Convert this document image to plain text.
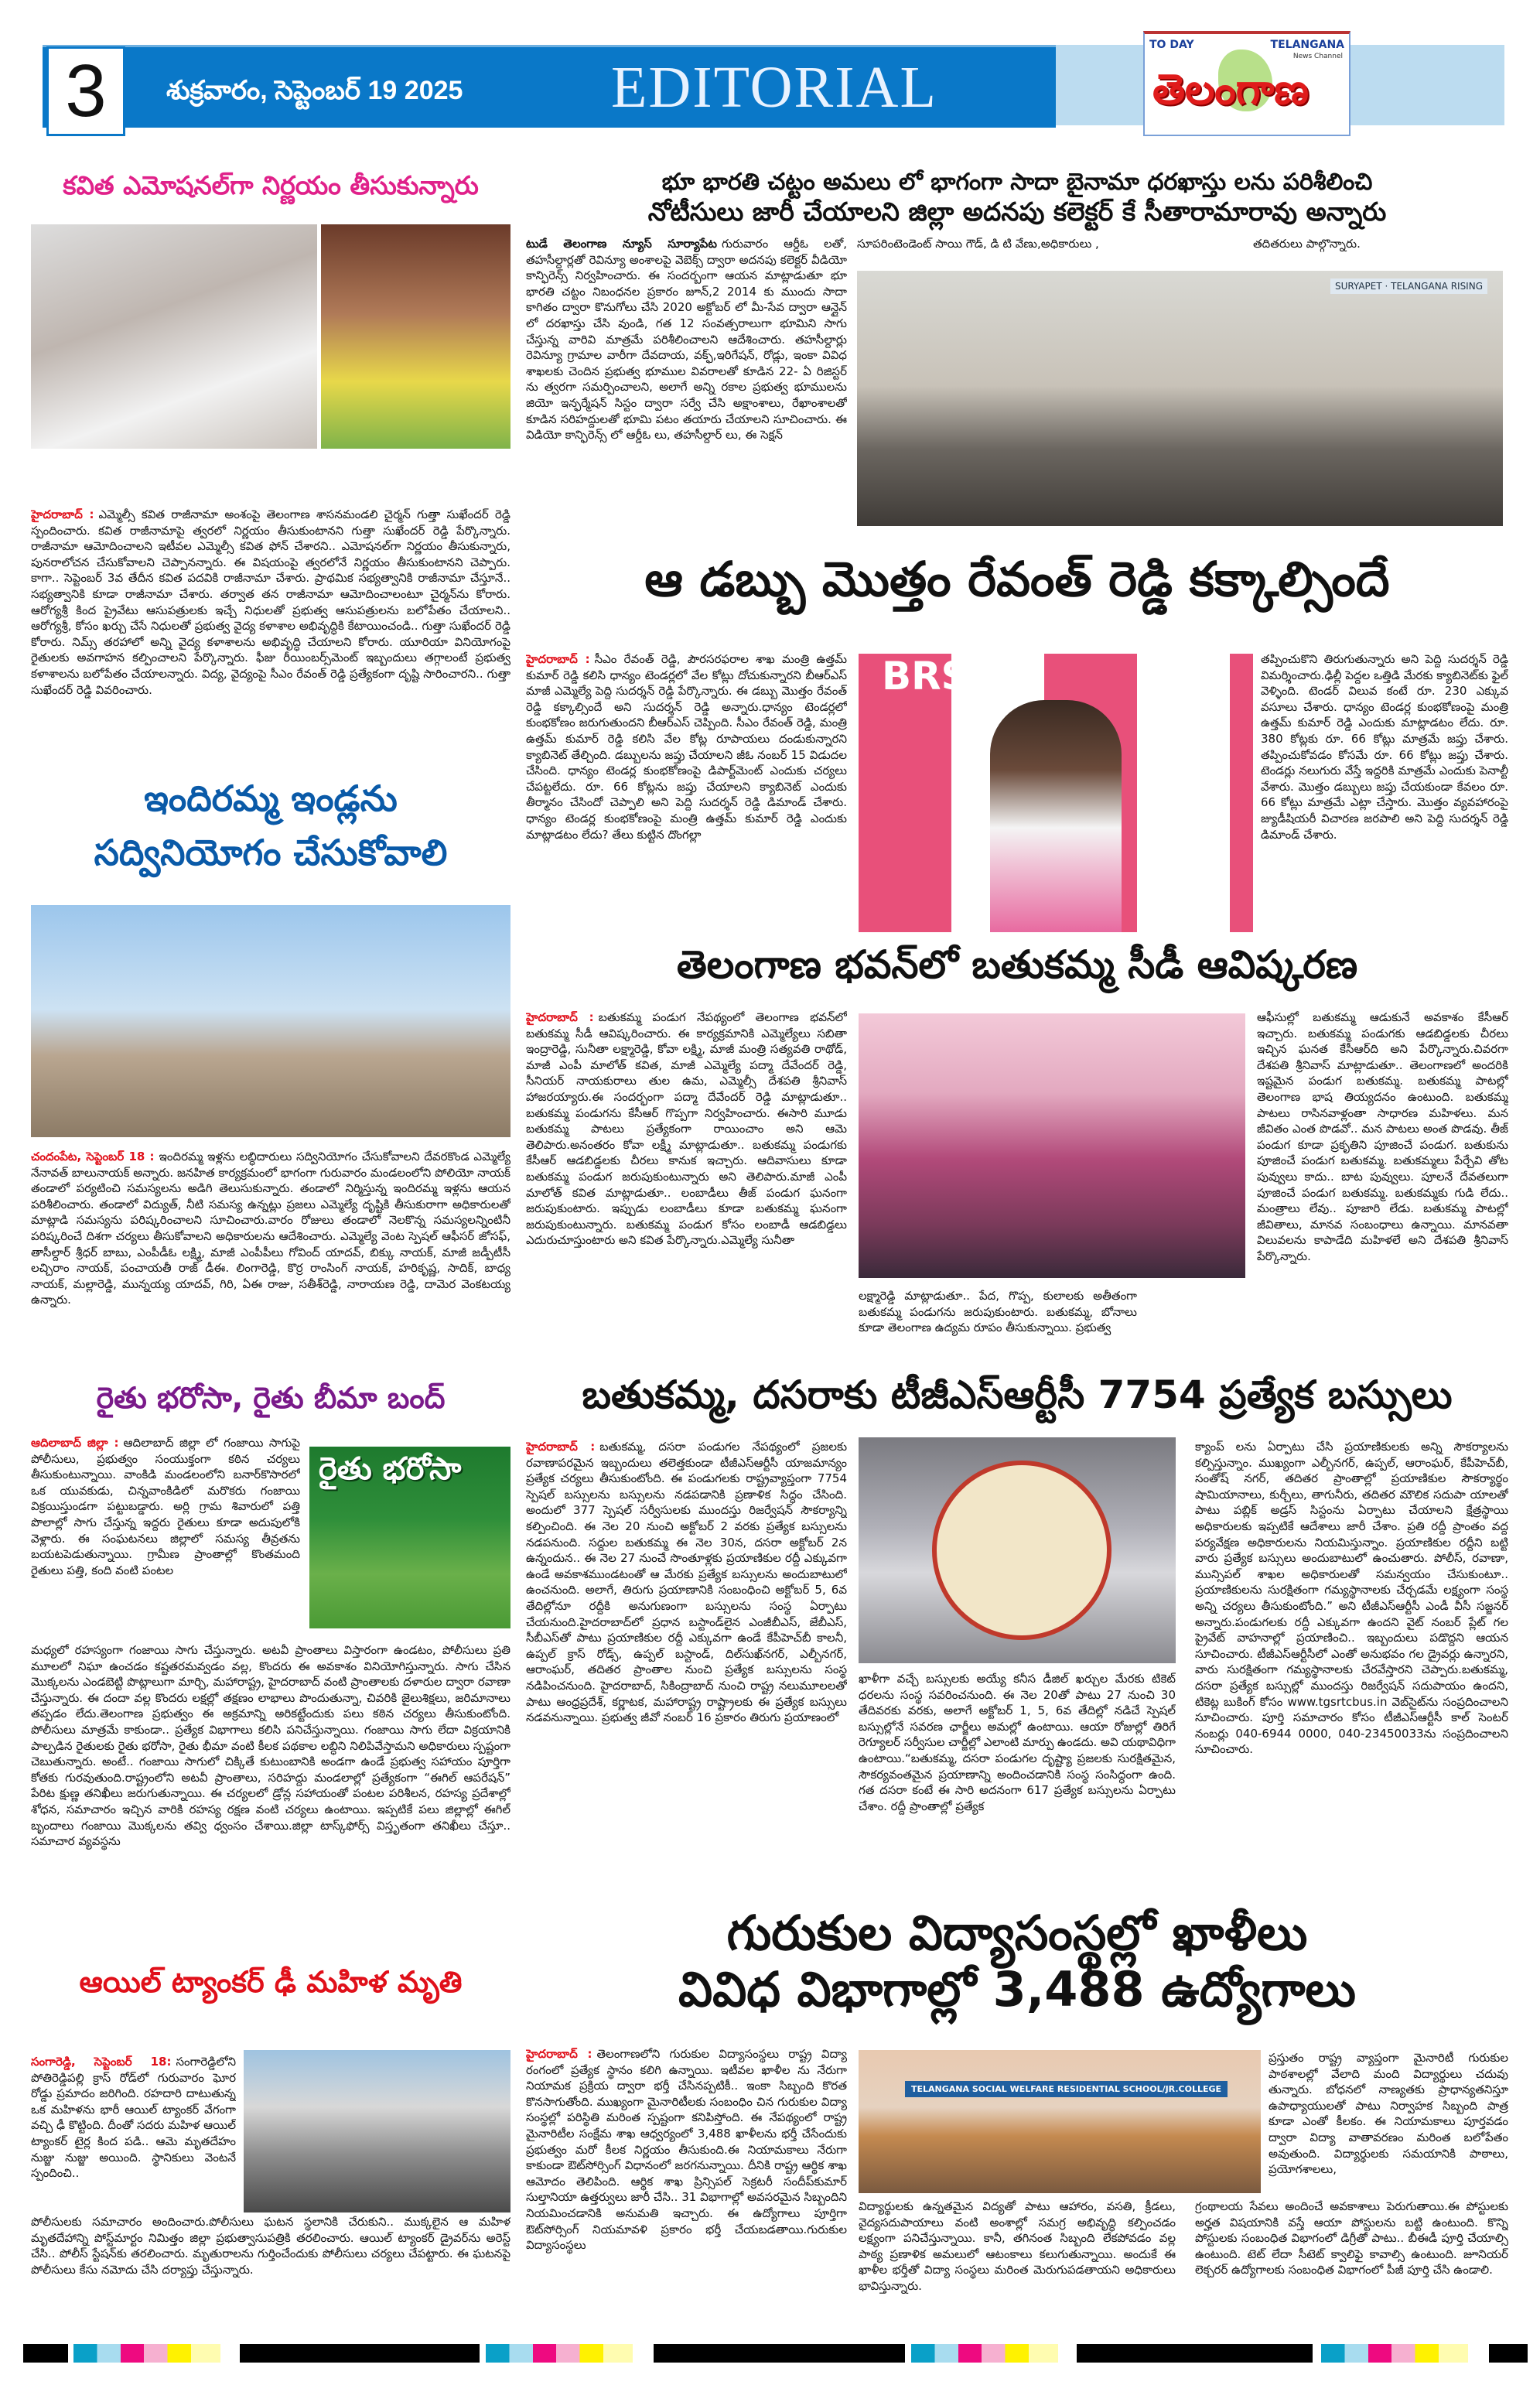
3	శుక్రవారం, సెప్టెంబర్ 19 2025	EDITORIAL
TO DAY	TELANGANA
News Channel
తెలంగాణ
కవిత ఎమోషనల్‌గా నిర్ణయం తీసుకున్నారు
హైదరాబాద్ : ఎమ్మెల్సీ కవిత రాజీనామా అంశంపై తెలంగాణ శాసనమండలి చైర్మన్ గుత్తా సుఖేందర్ రెడ్డి స్పందించారు. కవిత రాజీనామాపై త్వరలో నిర్ణయం తీసుకుంటానని గుత్తా సుఖేందర్ రెడ్డి పేర్కొన్నారు. రాజీనామా ఆమోదించాలని ఇటీవల ఎమ్మెల్సీ కవిత ఫోన్ చేశారని.. ఎమోషనల్‌గా నిర్ణయం తీసుకున్నారు, పునరాలోచన చేసుకోవాలని చెప్పానన్నారు. ఈ విషయంపై త్వరలోనే నిర్ణయం తీసుకుంటానని చెప్పారు. కాగా.. సెప్టెంబర్ 3వ తేదీన కవిత పదవికి రాజీనామా చేశారు. ప్రాథమిక సభ్యత్వానికి రాజీనామా చేస్తూనే.. సభ్యత్వానికి కూడా రాజీనామా చేశారు. తర్వాత తన రాజీనామా ఆమోదించాలంటూ చైర్మన్‌ను కోరారు. ఆరోగ్యశ్రీ కింద ప్రైవేటు ఆసుపత్రులకు ఇచ్చే నిధులతో ప్రభుత్వ ఆసుపత్రులను బలోపేతం చేయాలని.. ఆరోగ్యశ్రీ, కోసం ఖర్చు చేసే నిధులతో ప్రభుత్వ వైద్య కళాశాల అభివృద్ధికి కేటాయించండి.. గుత్తా సుఖేందర్ రెడ్డి కోరారు. నిమ్స్ తరహాలో అన్ని వైద్య కళాశాలను అభివృద్ధి చేయాలని కోరారు. యూరియా వినియోగంపై రైతులకు అవగాహన కల్పించాలని పేర్కొన్నారు. ఫీజు రీయింబర్స్‌మెంట్ ఇబ్బందులు తగ్గాలంటే ప్రభుత్వ కళాశాలను బలోపేతం చేయాలన్నారు. విద్య, వైద్యంపై సీఎం రేవంత్ రెడ్డి ప్రత్యేకంగా దృష్టి సారించారని.. గుత్తా సుఖేందర్ రెడ్డి వివరించారు.
ఇందిరమ్మ ఇండ్లను
సద్వినియోగం చేసుకోవాలి
చందంపేట, సెప్టెంబర్ 18 : ఇందిరమ్మ ఇళ్లను లబ్ధిదారులు సద్వినియోగం చేసుకోవాలని దేవరకొండ ఎమ్మెల్యే నేనావత్ బాలునాయక్ అన్నారు. జనహిత కార్యక్రమంలో భాగంగా గురువారం మండలంలోని పోలియో నాయక్ తండాలో పర్యటించి సమస్యలను అడిగి తెలుసుకున్నారు. తండాలో నిర్మిస్తున్న ఇందిరమ్మ ఇళ్లను ఆయన పరిశీలించారు. తండాలో విద్యుత్, నీటి సమస్య ఉన్నట్లు ప్రజలు ఎమ్మెల్యే దృష్టికి తీసుకురాగా అధికారులతో మాట్లాడి సమస్యను పరిష్కరించాలని సూచించారు.వారం రోజులు తండాలో నెలకొన్న సమస్యలన్నింటినీ పరిష్కరించే దిశగా చర్యలు తీసుకోవాలని అధికారులను ఆదేశించారు. ఎమ్మెల్యే వెంట స్పెషల్ ఆఫీసర్ జోసఫ్, తాసీల్దార్ శ్రీధర్ బాబు, ఎంపీడీఓ లక్ష్మి, మాజీ ఎంపీపీలు గోవింద్ యాదవ్, బిక్కు నాయక్, మాజీ జడ్పీటీసీ లచ్చిరాం నాయక్, పంచాయతీ రాజ్ డీఈ. లింగారెడ్డి, కొర్ర రాంసింగ్ నాయక్, హరికృష్ణ, సాదిక్, బాధ్య నాయక్, మల్లారెడ్డి, మున్నయ్య యాదవ్, గిరి, ఏఈ రాజు, సతీశ్‌రెడ్డి, నారాయణ రెడ్డి, దామెర వెంకటయ్య ఉన్నారు.
రైతు భరోసా, రైతు బీమా బంద్
రైతు భరోసా
ఆదిలాబాద్ జిల్లా : ఆదిలాబాద్ జిల్లా లో గంజాయి సాగుపై పోలీసులు, ప్రభుత్వం సంయుక్తంగా కఠిన చర్యలు తీసుకుంటున్నాయి. వాంకిడి మండలంలోని బనార్‌కొసారలో ఒక యువకుడు, చిన్నవాంకిడిలో మరొకరు గంజాయి విక్రయిస్తుండగా పట్టుబడ్డారు. అర్లి గ్రామ శివారులో పత్తి పొలాల్లో సాగు చేస్తున్న ఇద్దరు రైతులు కూడా అదుపులోకి వెళ్లారు. ఈ సంఘటనలు జిల్లాలో సమస్య తీవ్రతను బయటపెడుతున్నాయి. గ్రామీణ ప్రాంతాల్లో కొంతమంది రైతులు పత్తి, కంది వంటి పంటల
మధ్యలో రహస్యంగా గంజాయి సాగు చేస్తున్నారు. అటవీ ప్రాంతాలు విస్తారంగా ఉండటం, పోలీసులు ప్రతి మూలలో నిఘా ఉంచడం కష్టతరమవ్వడం వల్ల, కొందరు ఈ అవకాశం వినియోగిస్తున్నారు. సాగు చేసిన మొక్కలను ఎండబెట్టి పొట్లాలుగా మార్చి, మహారాష్ట్ర, హైదరాబాద్ వంటి ప్రాంతాలకు దళారుల ద్వారా రవాణా చేస్తున్నారు. ఈ దందా వల్ల కొందరు లక్షల్లో తక్షణం లాభాలు పొందుతున్నా, చివరికి జైలుశిక్షలు, జరిమానాలు తప్పడం లేదు.తెలంగాణ ప్రభుత్వం ఈ అక్రమాన్ని అరికట్టేందుకు పలు కఠిన చర్యలు తీసుకుంటోంది. పోలీసులు మాత్రమే కాకుండా.. ప్రత్యేక విభాగాలు కలిసి పనిచేస్తున్నాయి. గంజాయి సాగు లేదా విక్రయానికి పాల్పడిన రైతులకు రైతు భరోసా, రైతు భీమా వంటి కీలక పథకాల లబ్ధిని నిలిపివేస్తామని అధికారులు స్పష్టంగా చెబుతున్నారు. అంటే.. గంజాయి సాగులో చిక్కితే కుటుంబానికి అండగా ఉండే ప్రభుత్వ సహాయం పూర్తిగా కోతకు గురవుతుంది.రాష్ట్రంలోని అటవీ ప్రాంతాలు, సరిహద్దు మండలాల్లో ప్రత్యేకంగా “ఈగిల్ ఆపరేషన్” పేరిట క్షుణ్ణ తనిఖీలు జరుగుతున్నాయి. ఈ చర్యలలో డ్రోన్ల సహాయంతో పంటల పరిశీలన, రహస్య ప్రదేశాల్లో శోధన, సమాచారం ఇచ్చిన వారికి రహస్య రక్షణ వంటి చర్యలు ఉంటాయి. ఇప్పటికే పలు జిల్లాల్లో ఈగిల్ బృందాలు గంజాయి మొక్కలను తవ్వి ధ్వంసం చేశాయి.జిల్లా టాస్క్‌ఫోర్స్ విస్తృతంగా తనిఖీలు చేస్తూ.. సమాచార వ్యవస్థను
ఆయిల్ ట్యాంకర్ ఢీ మహిళ మృతి
సంగారెడ్డి, సెప్టెంబర్ 18: సంగారెడ్డిలోని పోతిరెడ్డిపల్లి క్రాస్ రోడ్‌లో గురువారం ఘోర రోడ్డు ప్రమాదం జరిగింది. రహదారి దాటుతున్న ఒక మహిళను భారీ ఆయిల్ ట్యాంకర్ వేగంగా వచ్చి ఢీ కొట్టింది. దీంతో సదరు మహిళ ఆయిల్ ట్యాంకర్ టైర్ల కింద పడి.. ఆమె మృతదేహం నుజ్జు నుజ్జు అయింది. స్థానికులు వెంటనే స్పందించి..
పోలీసులకు సమాచారం అందించారు.పోలీసులు ఘటన స్థలానికి చేరుకుని.. ముక్కలైన ఆ మహిళ మృతదేహాన్ని పోస్ట్‌మార్టం నిమిత్తం జిల్లా ప్రభుత్వాసుపత్రికి తరలించారు. ఆయిల్ ట్యాంకర్ డ్రైవర్‌ను అరెస్ట్ చేసి.. పోలీస్ స్టేషన్‌కు తరలించారు. మృతురాలను గుర్తించేందుకు పోలీసులు చర్యలు చేపట్టారు. ఈ ఘటనపై పోలీసులు కేసు నమోదు చేసి దర్యాప్తు చేస్తున్నారు.
భూ భారతి చట్టం అమలు లో భాగంగా సాదా బైనామా ధరఖాస్తు లను పరిశీలించి
నోటీసులు జారీ చేయాలని జిల్లా అదనపు కలెక్టర్ కే సీతారామారావు అన్నారు
టుడే తెలంగాణ న్యూస్ సూర్యాపేట గురువారం ఆర్డీఓ లతో, తహసీల్దార్లతో రెవిన్యూ అంశాలపై వెబెక్స్ ద్వారా అదనపు కలెక్టర్ వీడియో కాన్ఫిరెన్స్ నిర్వహించారు. ఈ సందర్బంగా ఆయన మాట్లాడుతూ భూ భారతి చట్టం నిబంధనల ప్రకారం జూన్,2 2014 కు ముందు సాదా కాగితం ద్వారా కొనుగోలు చేసి 2020 అక్టోబర్ లో మీ-సేవ ద్వారా ఆన్లైన్ లో దరఖాస్తు చేసి వుండి, గత 12 సంవత్సరాలుగా భూమిని సాగు చేస్తున్న వారివి మాత్రమే పరిశీలించాలని ఆదేశించారు. తహసీల్దార్లు రెవిన్యూ గ్రామాల వారీగా దేవదాయ, వక్ఫ్,ఇరిగేషన్, రోడ్లు, ఇంకా వివిధ శాఖలకు చెందిన ప్రభుత్వ భూముల వివరాలతో కూడిన 22- ఏ రిజిస్టర్ ను త్వరగా సమర్పించాలని, అలాగే అన్ని రకాల ప్రభుత్వ భూములను జియో ఇన్ఫర్మేషన్ సిస్టం ద్వారా సర్వే చేసి అక్షాంశాలు, రేఖాంశాలతో కూడిన సరిహద్దులతో భూమి పటం తయారు చేయాలని సూచించారు. ఈ విడియో కాన్ఫిరెన్స్ లో ఆర్డీఓ లు, తహసీల్దార్ లు, ఈ సెక్షన్
సూపరింటెండెంట్ సాయి గౌడ్, డి టి వేణు,అధికారులు ,	తదితరులు పాల్గొన్నారు.
SURYAPET · TELANGANA RISING
ఆ డబ్బు మొత్తం రేవంత్ రెడ్డి కక్కాల్సిందే
హైదరాబాద్ : సీఎం రేవంత్ రెడ్డి, పౌరసరఫరాల శాఖ మంత్రి ఉత్తమ్ కుమార్ రెడ్డి కలిసి ధాన్యం టెండర్లలో వేల కోట్లు దోచుకున్నారని బీఆర్ఎస్ మాజీ ఎమ్మెల్యే పెద్ది సుదర్శన్ రెడ్డి పేర్కొన్నారు. ఈ డబ్బు మొత్తం రేవంత్ రెడ్డి కక్కాల్సిందే అని సుదర్శన్ రెడ్డి అన్నారు.ధాన్యం టెండర్లలో కుంభకోణం జరుగుతుందని బీఆర్ఎస్ చెప్పింది. సీఎం రేవంత్ రెడ్డి, మంత్రి ఉత్తమ్ కుమార్ రెడ్డి కలిసి వేల కోట్ల రూపాయలు దండుకున్నారని క్యాబినెట్ తేల్చింది. డబ్బులను జప్తు చేయాలని జీఓ నంబర్ 15 విడుదల చేసింది. ధాన్యం టెండర్ల కుంభకోణంపై డిపార్ట్‌మెంట్ ఎందుకు చర్యలు చేపట్టలేదు. రూ. 66 కోట్లను జప్తు చేయాలని క్యాబినెట్ ఎందుకు తీర్మానం చేసిందో చెప్పాలి అని పెద్ది సుదర్శన్ రెడ్డి డిమాండ్ చేశారు. ధాన్యం టెండర్ల కుంభకోణంపై మంత్రి ఉత్తమ్ కుమార్ రెడ్డి ఎందుకు మాట్లాడటం లేదు? తేలు కుట్టిన దొంగల్లా
BRS	తప్పించుకొని తిరుగుతున్నారు అని పెద్ది సుదర్శన్ రెడ్డి విమర్శించారు.ఢిల్లీ పెద్దల ఒత్తిడి మేరకు క్యాబినెట్‌కు ఫైల్ వెళ్ళింది. టెండర్ విలువ కంటే రూ. 230 ఎక్కువ వసూలు చేశారు. ధాన్యం టెండర్ల కుంభకోణంపై మంత్రి ఉత్తమ్ కుమార్ రెడ్డి ఎందుకు మాట్లాడటం లేదు. రూ. 380 కోట్లకు రూ. 66 కోట్లు మాత్రమే జప్తు చేశారు. తప్పించుకోవడం కోసమే రూ. 66 కోట్లు జప్తు చేశారు. టెండర్లు నలుగురు వేస్తే ఇద్దరికి మాత్రమే ఎందుకు పెనాల్టీ వేశారు. మొత్తం డబ్బులు జప్తు చేయకుండా కేవలం రూ. 66 కోట్లు మాత్రమే ఎట్లా చేస్తారు. మొత్తం వ్యవహారంపై జ్యుడీషియరీ విచారణ జరపాలి అని పెద్ది సుదర్శన్ రెడ్డి డిమాండ్ చేశారు.
తెలంగాణ భవన్‌లో బతుకమ్మ సీడీ ఆవిష్కరణ
హైదరాబాద్ : బతుకమ్మ పండుగ నేపథ్యంలో తెలంగాణ భవన్‌లో బతుకమ్మ సీడీ ఆవిష్కరించారు. ఈ కార్యక్రమానికి ఎమ్మెల్యేలు సబితా ఇంద్రారెడ్డి, సునీతా లక్ష్మారెడ్డి, కోవా లక్ష్మి, మాజీ మంత్రి సత్యవతి రాథోడ్, మాజీ ఎంపీ మాలోత్ కవిత, మాజీ ఎమ్మెల్యే పద్మా దేవేందర్ రెడ్డి, సీనియర్ నాయకురాలు తుల ఉమ, ఎమ్మెల్సీ దేశపతి శ్రీనివాస్ హాజరయ్యారు.ఈ సందర్భంగా పద్మా దేవేందర్ రెడ్డి మాట్లాడుతూ.. బతుకమ్మ పండుగను కేసీఆర్ గొప్పగా నిర్వహించారు. ఈసారి మూడు బతుకమ్మ పాటలు ప్రత్యేకంగా రాయించాం అని ఆమె తెలిపారు.అనంతరం కోవా లక్ష్మీ మాట్లాడుతూ.. బతుకమ్మ పండుగకు కేసీఆర్ ఆడబిడ్డలకు చీరలు కానుక ఇచ్చారు. ఆదివాసులు కూడా బతుకమ్మ పండుగ జరుపుకుంటున్నారు అని తెలిపారు.మాజీ ఎంపీ మాలోత్ కవిత మాట్లాడుతూ.. లంబాడీలు తీజ్ పండుగ ఘనంగా జరుపుకుంటారు. ఇప్పుడు లంబాడీలు కూడా బతుకమ్మ ఘనంగా జరుపుకుంటున్నారు. బతుకమ్మ పండుగ కోసం లంబాడీ ఆడబిడ్డలు ఎదురుచూస్తుంటారు అని కవిత పేర్కొన్నారు.ఎమ్మెల్యే సునీతా
లక్ష్మారెడ్డి మాట్లాడుతూ.. పేద, గొప్ప, కులాలకు అతీతంగా బతుకమ్మ పండుగను జరుపుకుంటారు. బతుకమ్మ, బోనాలు కూడా తెలంగాణ ఉద్యమ రూపం తీసుకున్నాయి. ప్రభుత్వ
ఆఫీసుల్లో బతుకమ్మ ఆడుకునే అవకాశం కేసీఆర్ ఇచ్చారు. బతుకమ్మ పండుగకు ఆడబిడ్డలకు చీరలు ఇచ్చిన ఘనత కేసీఆర్‌ది అని పేర్కొన్నారు.చివరగా దేశపతి శ్రీనివాస్ మాట్లాడుతూ.. తెలంగాణలో అందరికి ఇష్టమైన పండుగ బతుకమ్మ. బతుకమ్మ పాటల్లో తెలంగాణ భాష తియ్యదనం ఉంటుంది. బతుకమ్మ పాటలు రాసినవాళ్లంతా సాధారణ మహిళలు. మన జీవితం ఎంత పొడవో.. మన పాటలు అంత పొడవు. తీజ్ పండుగ కూడా ప్రకృతిని పూజించే పండుగ. బతుకును పూజించే పండుగ బతుకమ్మ. బతుకమ్మలు పేర్చేవి తోట పువ్వులు కాదు.. బాట పువ్వులు. పూలనే దేవతలుగా పూజించే పండుగ బతుకమ్మ. బతుకమ్మకు గుడి లేదు.. మంత్రాలు లేవు.. పూజారి లేడు. బతుకమ్మ పాటల్లో జీవితాలు, మానవ సంబంధాలు ఉన్నాయి. మానవతా విలువలను కాపాడేది మహిళలే అని దేశపతి శ్రీనివాస్ పేర్కొన్నారు.
బతుకమ్మ, దసరాకు టీజీఎస్ఆర్టీసీ 7754 ప్రత్యేక బస్సులు
హైదరాబాద్ : బతుకమ్మ, దసరా పండుగల నేపథ్యంలో ప్రజలకు రవాణాపరమైన ఇబ్బందులు తలెత్తకుండా టీజీఎస్ఆర్టీసీ యాజమాన్యం ప్రత్యేక చర్యలు తీసుకుంటోంది. ఈ పండుగలకు రాష్ట్రవ్యాప్తంగా 7754 స్పెషల్ బస్సులను బస్సులను నడపడానికి ప్రణాళిక సిద్ధం చేసింది. అందులో 377 స్పెషల్ సర్వీసులకు ముందస్తు రిజర్వేషన్ సౌకర్యాన్ని కల్పించింది. ఈ నెల 20 నుంచి అక్టోబర్ 2 వరకు ప్రత్యేక బస్సులను నడపనుంది. సద్దుల బతుకమ్మ ఈ నెల 30న, దసరా అక్టోబర్ 2న ఉన్నందున.. ఈ నెల 27 నుంచే సొంతూళ్లకు ప్రయాణికుల రద్దీ ఎక్కువగా ఉండే అవకాశముండటంతో ఆ మేరకు ప్రత్యేక బస్సులను అందుబాటులో ఉంచనుంది. అలాగే, తిరుగు ప్రయాణానికి సంబంధించి అక్టోబర్ 5, 6వ తేదిల్లోనూ రద్దీకి అనుగుణంగా బస్సులను సంస్థ ఏర్పాటు చేయనుంది.హైదరాబాద్‌లో ప్రధాన బస్టాండ్‌లైన ఎంజీబీఎస్, జేబీఎస్, సీబీఎస్‌తో పాటు ప్రయాణికుల రద్దీ ఎక్కువగా ఉండే కేపీహెచ్‌బీ కాలనీ, ఉప్పల్ క్రాస్ రోడ్స్, ఉప్పల్ బస్టాండ్, దిల్‌సుఖ్‌నగర్, ఎల్బీనగర్, ఆరాంఘర్, తదితర ప్రాంతాల నుంచి ప్రత్యేక బస్సులను సంస్థ నడిపించనుంది. హైదరాబాద్, సికింద్రాబాద్ నుంచి రాష్ట్ర నలుమూలలతో పాటు ఆంధ్రప్రదేశ్, కర్ణాటక, మహారాష్ట్ర రాష్ట్రాలకు ఈ ప్రత్యేక బస్సులు నడవనున్నాయి. ప్రభుత్వ జీవో నంబర్ 16 ప్రకారం తిరుగు ప్రయాణంలో
ఖాళీగా వచ్చే బస్సులకు అయ్యే కనీస డీజిల్ ఖర్చుల మేరకు టికెట్ ధరలను సంస్థ సవరించనుంది. ఈ నెల 20తో పాటు 27 నుంచి 30 తేదివరకు వరకు, అలాగే అక్టోబర్ 1, 5, 6వ తేదిల్లో నడిచే స్పెషల్ బస్సుల్లోనే సవరణ ఛార్జీలు అమల్లో ఉంటాయి. ఆయా రోజుల్లో తిరిగే రెగ్యూలర్ సర్వీసుల చార్జీల్లో ఎలాంటి మార్పు ఉండదు. అవి యథావిధిగా ఉంటాయి.“బతుకమ్మ, దసరా పండుగల దృష్ట్యా ప్రజలకు సురక్షితమైన, సౌకర్యవంతమైన ప్రయాణాన్ని అందించడానికి సంస్థ సంసిద్ధంగా ఉంది. గత దసరా కంటే ఈ సారి అదనంగా 617 ప్రత్యేక బస్సులను ఏర్పాటు చేశాం. రద్దీ ప్రాంతాల్లో ప్రత్యేక
క్యాంప్ లను ఏర్పాటు చేసి ప్రయాణికులకు అన్ని సౌకర్యాలను కల్పిస్తున్నాం. ముఖ్యంగా ఎల్బీనగర్, ఉప్పల్, ఆరాంఘర్, కేపీహెచ్‌బీ, సంతోష్ నగర్, తదితర ప్రాంతాల్లో ప్రయాణికుల సౌకర్యార్థం షామియానాలు, కుర్చీలు, తాగునీరు, తదితర మౌలిక సదుపా యాలతో పాటు పబ్లిక్ అడ్రస్ సిస్టంను ఏర్పాటు చేయాలని క్షేత్రస్థాయి అధికారులకు ఇప్పటికే ఆదేశాలు జారీ చేశాం. ప్రతి రద్దీ ప్రాంతం వద్ద పర్యవేక్షణ అధికారులను నియమిస్తున్నాం. ప్రయాణికుల రద్దీని బట్టి వారు ప్రత్యేక బస్సులు అందుబాటులో ఉంచుతారు. పోలీస్, రవాణా, మున్సిపల్ శాఖల అధికారులతో సమన్వయం చేసుకుంటూ.. ప్రయాణికులను సురక్షితంగా గమ్యస్థానాలకు చేర్చడమే లక్ష్యంగా సంస్థ అన్ని చర్యలు తీసుకుంటోంది.” అని టీజీఎస్ఆర్టీసీ ఎండీ వీసీ సజ్జనర్ అన్నారు.పండుగలకు రద్దీ ఎక్కువగా ఉందని వైట్ నంబర్ ప్లేట్ గల ప్రైవేట్ వాహనాల్లో ప్రయాణించి.. ఇబ్బందులు పడొద్దని ఆయన సూచించారు. టీజీఎస్ఆర్టీసీలో ఎంతో అనుభవం గల డ్రైవర్లు ఉన్నారని, వారు సురక్షితంగా గమ్యస్థానాలకు చేరవేస్తారని చెప్పారు.బతుకమ్మ, దసరా ప్రత్యేక బస్సుల్లో ముందస్తు రిజర్వేషన్ సదుపాయం ఉందని, టికెట్ల బుకింగ్ కోసం www.tgsrtcbus.in వెబ్‌సైట్‌ను సంప్రదించాలని సూచించారు. పూర్తి సమాచారం కోసం టీజీఎస్ఆర్టీసీ కాల్ సెంటర్ నంబర్లు 040-6944 0000, 040-23450033ను సంప్రదించాలని సూచించారు.
గురుకుల విద్యాసంస్థల్లో ఖాళీలు
వివిధ విభాగాల్లో 3,488 ఉద్యోగాలు
హైదరాబాద్ : తెలంగాణలోని గురుకుల విద్యాసంస్థలు రాష్ట్ర విద్యా రంగంలో ప్రత్యేక స్థానం కలిగి ఉన్నాయి. ఇటీవల ఖాళీల ను నేరుగా నియామక ప్రక్రియ ద్వారా భర్తీ చేసినప్పటికీ.. ఇంకా సిబ్బంది కొరత కొనసాగుతోంది. ముఖ్యంగా మైనారిటీలకు సంబంధిం చిన గురుకుల విద్యా సంస్థల్లో పరిస్థితి మరింత స్పష్టంగా కనిపిస్తోంది. ఈ నేపథ్యంలో రాష్ట్ర మైనారిటీల సంక్షేమ శాఖ ఆధ్వర్యంలో 3,488 ఖాళీలను భర్తీ చేసేందుకు ప్రభుత్వం మరో కీలక నిర్ణయం తీసుకుంది.ఈ నియామకాలు నేరుగా కాకుండా ఔట్‌సోర్సింగ్ విధానంలో జరగనున్నాయి. దీనికి రాష్ట్ర ఆర్థిక శాఖ ఆమోదం తెలిపింది. ఆర్థిక శాఖ ప్రిన్సిపల్ సెక్రటరీ సందీప్‌కుమార్ సుల్తానియా ఉత్తర్వులు జారీ చేసి.. 31 విభాగాల్లో అవసరమైన సిబ్బందిని నియమించడానికి అనుమతి ఇచ్చారు. ఈ ఉద్యోగాలు పూర్తిగా ఔట్‌సోర్సింగ్ నియమావళి ప్రకారం భర్తీ చేయబడతాయి.గురుకుల విద్యాసంస్థలు
TELANGANA SOCIAL WELFARE RESIDENTIAL SCHOOL/JR.COLLEGE
ప్రస్తుతం రాష్ట్ర వ్యాప్తంగా మైనారిటీ గురుకుల పాఠశాలల్లో వేలాది మంది విద్యార్థులు చదువు తున్నారు. బోధనలో నాణ్యతకు ప్రాధాన్యతనిస్తూ ఉపాధ్యాయులతో పాటు నిర్వాహక సిబ్బంది పాత్ర కూడా ఎంతో కీలకం. ఈ నియామకాలు పూర్తవడం ద్వారా విద్యా వాతావరణం మరింత బలోపేతం అవుతుంది. విద్యార్థులకు సమయానికి పాఠాలు, ప్రయోగశాలలు,
విద్యార్థులకు ఉన్నతమైన విద్యతో పాటు ఆహారం, వసతి, క్రీడలు, వైద్యసదుపాయాలు వంటి అంశాల్లో సమగ్ర అభివృద్ధి కల్పించడం లక్ష్యంగా పనిచేస్తున్నాయి. కానీ, తగినంత సిబ్బంది లేకపోవడం వల్ల పాఠ్య ప్రణాళిక అమలులో ఆటంకాలు కలుగుతున్నాయి. అందుకే ఈ ఖాళీల భర్తీతో విద్యా సంస్థలు మరింత మెరుగుపడతాయని అధికారులు భావిస్తున్నారు.
గ్రంథాలయ సేవలు అందించే అవకాశాలు పెరుగుతాయి.ఈ పోస్టులకు అర్హత విషయానికి వస్తే ఆయా పోస్టులను బట్టి ఉంటుంది. కొన్ని పోస్టులకు సంబంధిత విభాగంలో డిగ్రీతో పాటు.. బీఈడీ పూర్తి చేయాల్సి ఉంటుంది. టెట్ లేదా సీటెట్ క్వాలిఫై కావాల్సి ఉంటుంది. జూనియర్ లెక్చరర్ ఉద్యోగాలకు సంబంధిత విభాగంలో పీజీ పూర్తి చేసి ఉండాలి.
